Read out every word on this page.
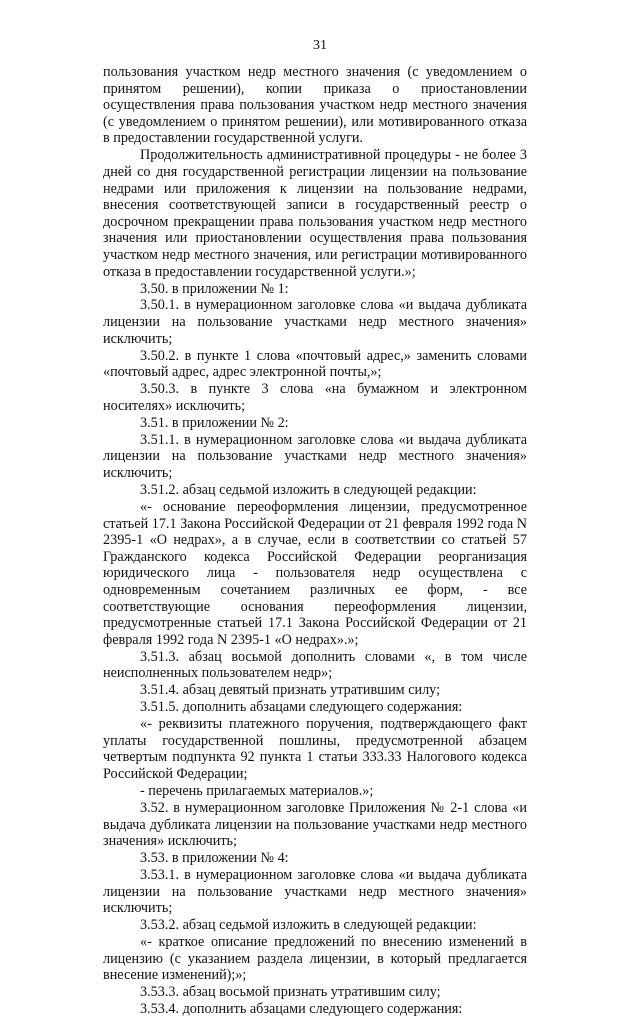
31

пользования участком недр местного значения (с уведомлением о принятом решении), копии приказа о приостановлении осуществления права пользования участком недр местного значения (с уведомлением о принятом решении), или мотивированного отказа в предоставлении государственной услуги.

Продолжительность административной процедуры - не более 3 дней со дня государственной регистрации лицензии на пользование недрами или приложения к лицензии на пользование недрами, внесения соответствующей записи в государственный реестр о досрочном прекращении права пользования участком недр местного значения или приостановлении осуществления права пользования участком недр местного значения, или регистрации мотивированного отказа в предоставлении государственной услуги.»;

3.50. в приложении № 1:

3.50.1. в нумерационном заголовке слова «и выдача дубликата лицензии на пользование участками недр местного значения» исключить;

3.50.2. в пункте 1 слова «почтовый адрес,» заменить словами «почтовый адрес, адрес электронной почты,»;

3.50.3. в пункте 3 слова «на бумажном и электронном носителях» исключить;

3.51. в приложении № 2:

3.51.1. в нумерационном заголовке слова «и выдача дубликата лицензии на пользование участками недр местного значения» исключить;

3.51.2. абзац седьмой изложить в следующей редакции:

«- основание переоформления лицензии, предусмотренное статьей 17.1 Закона Российской Федерации от 21 февраля 1992 года N 2395-1 «О недрах», а в случае, если в соответствии со статьей 57 Гражданского кодекса Российской Федерации реорганизация юридического лица - пользователя недр осуществлена с одновременным сочетанием различных ее форм, - все соответствующие основания переоформления лицензии, предусмотренные статьей 17.1 Закона Российской Федерации от 21 февраля 1992 года N 2395-1 «О недрах».»;

3.51.3. абзац восьмой дополнить словами «, в том числе неисполненных пользователем недр»;

3.51.4. абзац девятый признать утратившим силу;

3.51.5. дополнить абзацами следующего содержания:

«- реквизиты платежного поручения, подтверждающего факт уплаты государственной пошлины, предусмотренной абзацем четвертым подпункта 92 пункта 1 статьи 333.33 Налогового кодекса Российской Федерации;

- перечень прилагаемых материалов.»;

3.52. в нумерационном заголовке Приложения № 2-1 слова «и выдача дубликата лицензии на пользование участками недр местного значения» исключить;

3.53. в приложении № 4:

3.53.1. в нумерационном заголовке слова «и выдача дубликата лицензии на пользование участками недр местного значения» исключить;

3.53.2. абзац седьмой изложить в следующей редакции:

«- краткое описание предложений по внесению изменений в лицензию (с указанием раздела лицензии, в который предлагается внесение изменений);»;

3.53.3. абзац восьмой признать утратившим силу;

3.53.4. дополнить абзацами следующего содержания:
